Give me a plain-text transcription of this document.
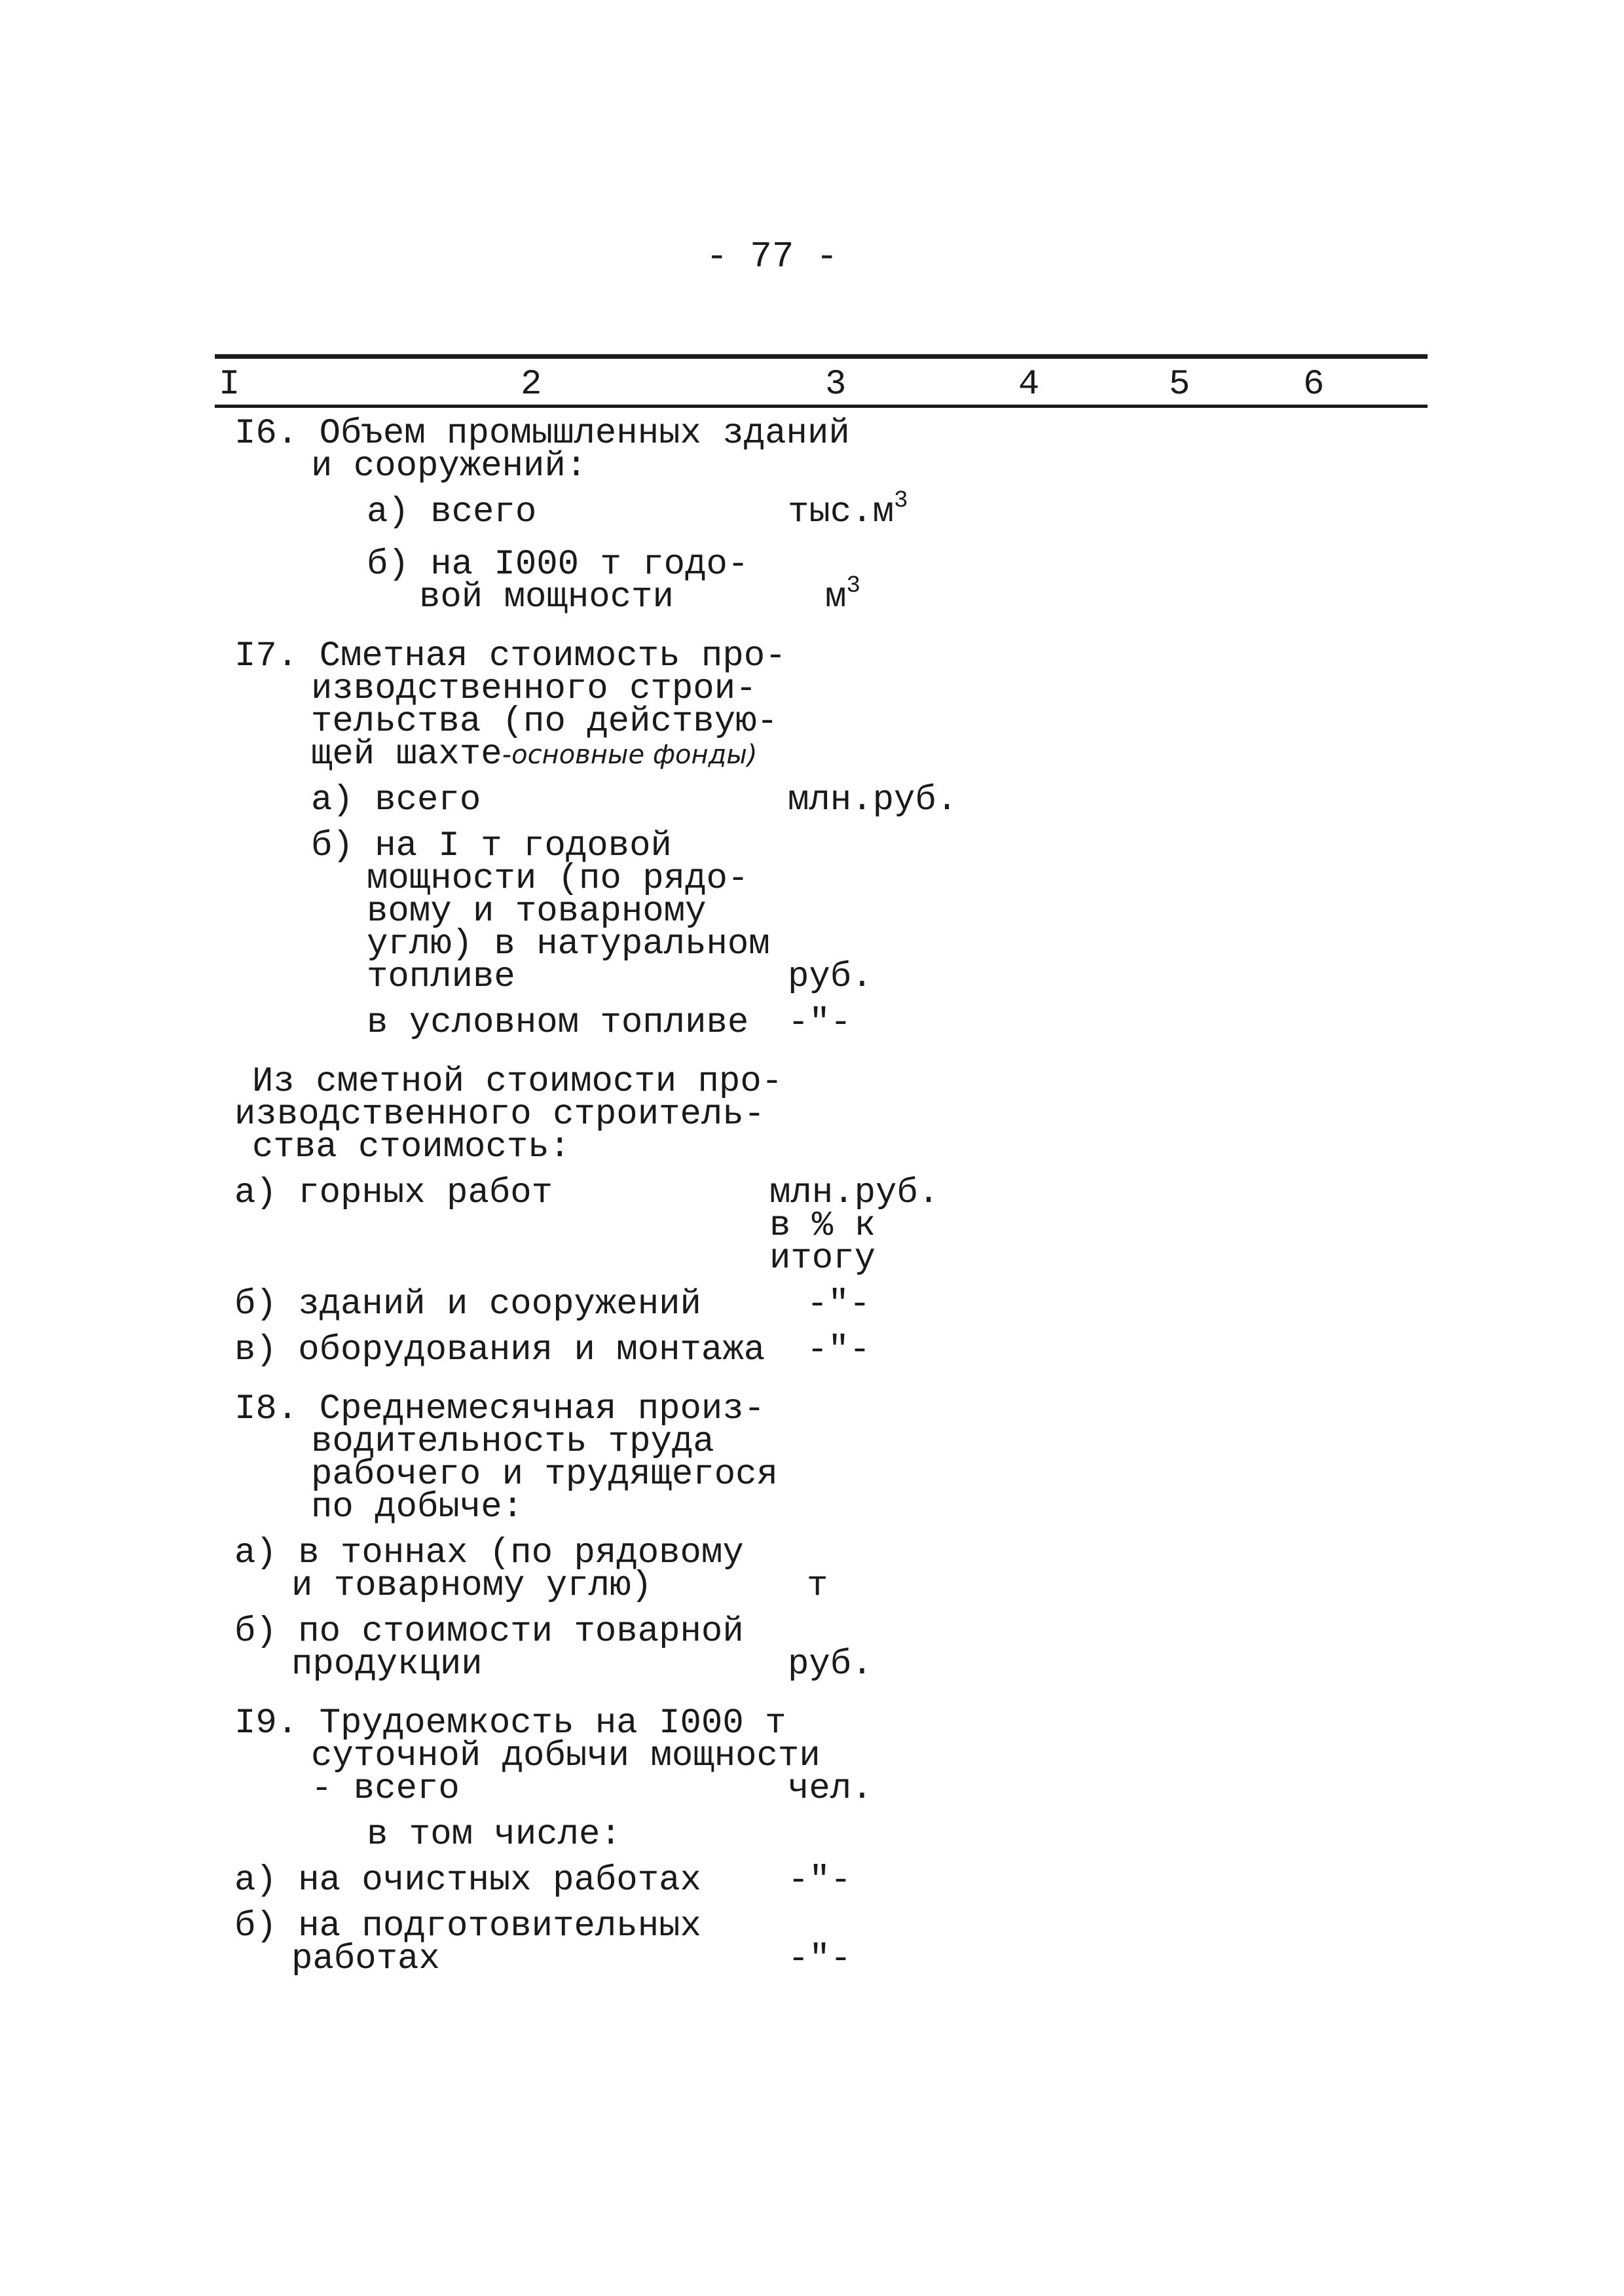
- 77 -
I	2	3	4	5	6
I6. Объем промышленных зданий
и сооружений:
а) всего	$тыс.м^3$
б) на I000 т годо-
вой мощности	$м^3$
I7. Сметная стоимость про-
изводственного строи-
тельства (по действую-
щей шахте-основные фонды)
а) всего	млн.руб.
б) на I т годовой
мощности (по рядо-
вому и товарному
углю) в натуральном
топливе	руб.
в условном топливе -"-
Из сметной стоимости про-
изводственного строитель-
ства стоимость:
а) горных работ	млн.руб.
в % к
итогу
б) зданий и сооружений	-"-
в) оборудования и монтажа -"-
I8. Среднемесячная произ-
водительность труда
рабочего и трудящегося
по добыче:
а) в тоннах (по рядовому
и товарному углю)	т
б) по стоимости товарной
продукции	руб.
I9. Трудоемкость на I000 т
суточной добычи мощности
- всего	чел.
в том числе:
а) на очистных работах -"-
б) на подготовительных
работах	-"-
